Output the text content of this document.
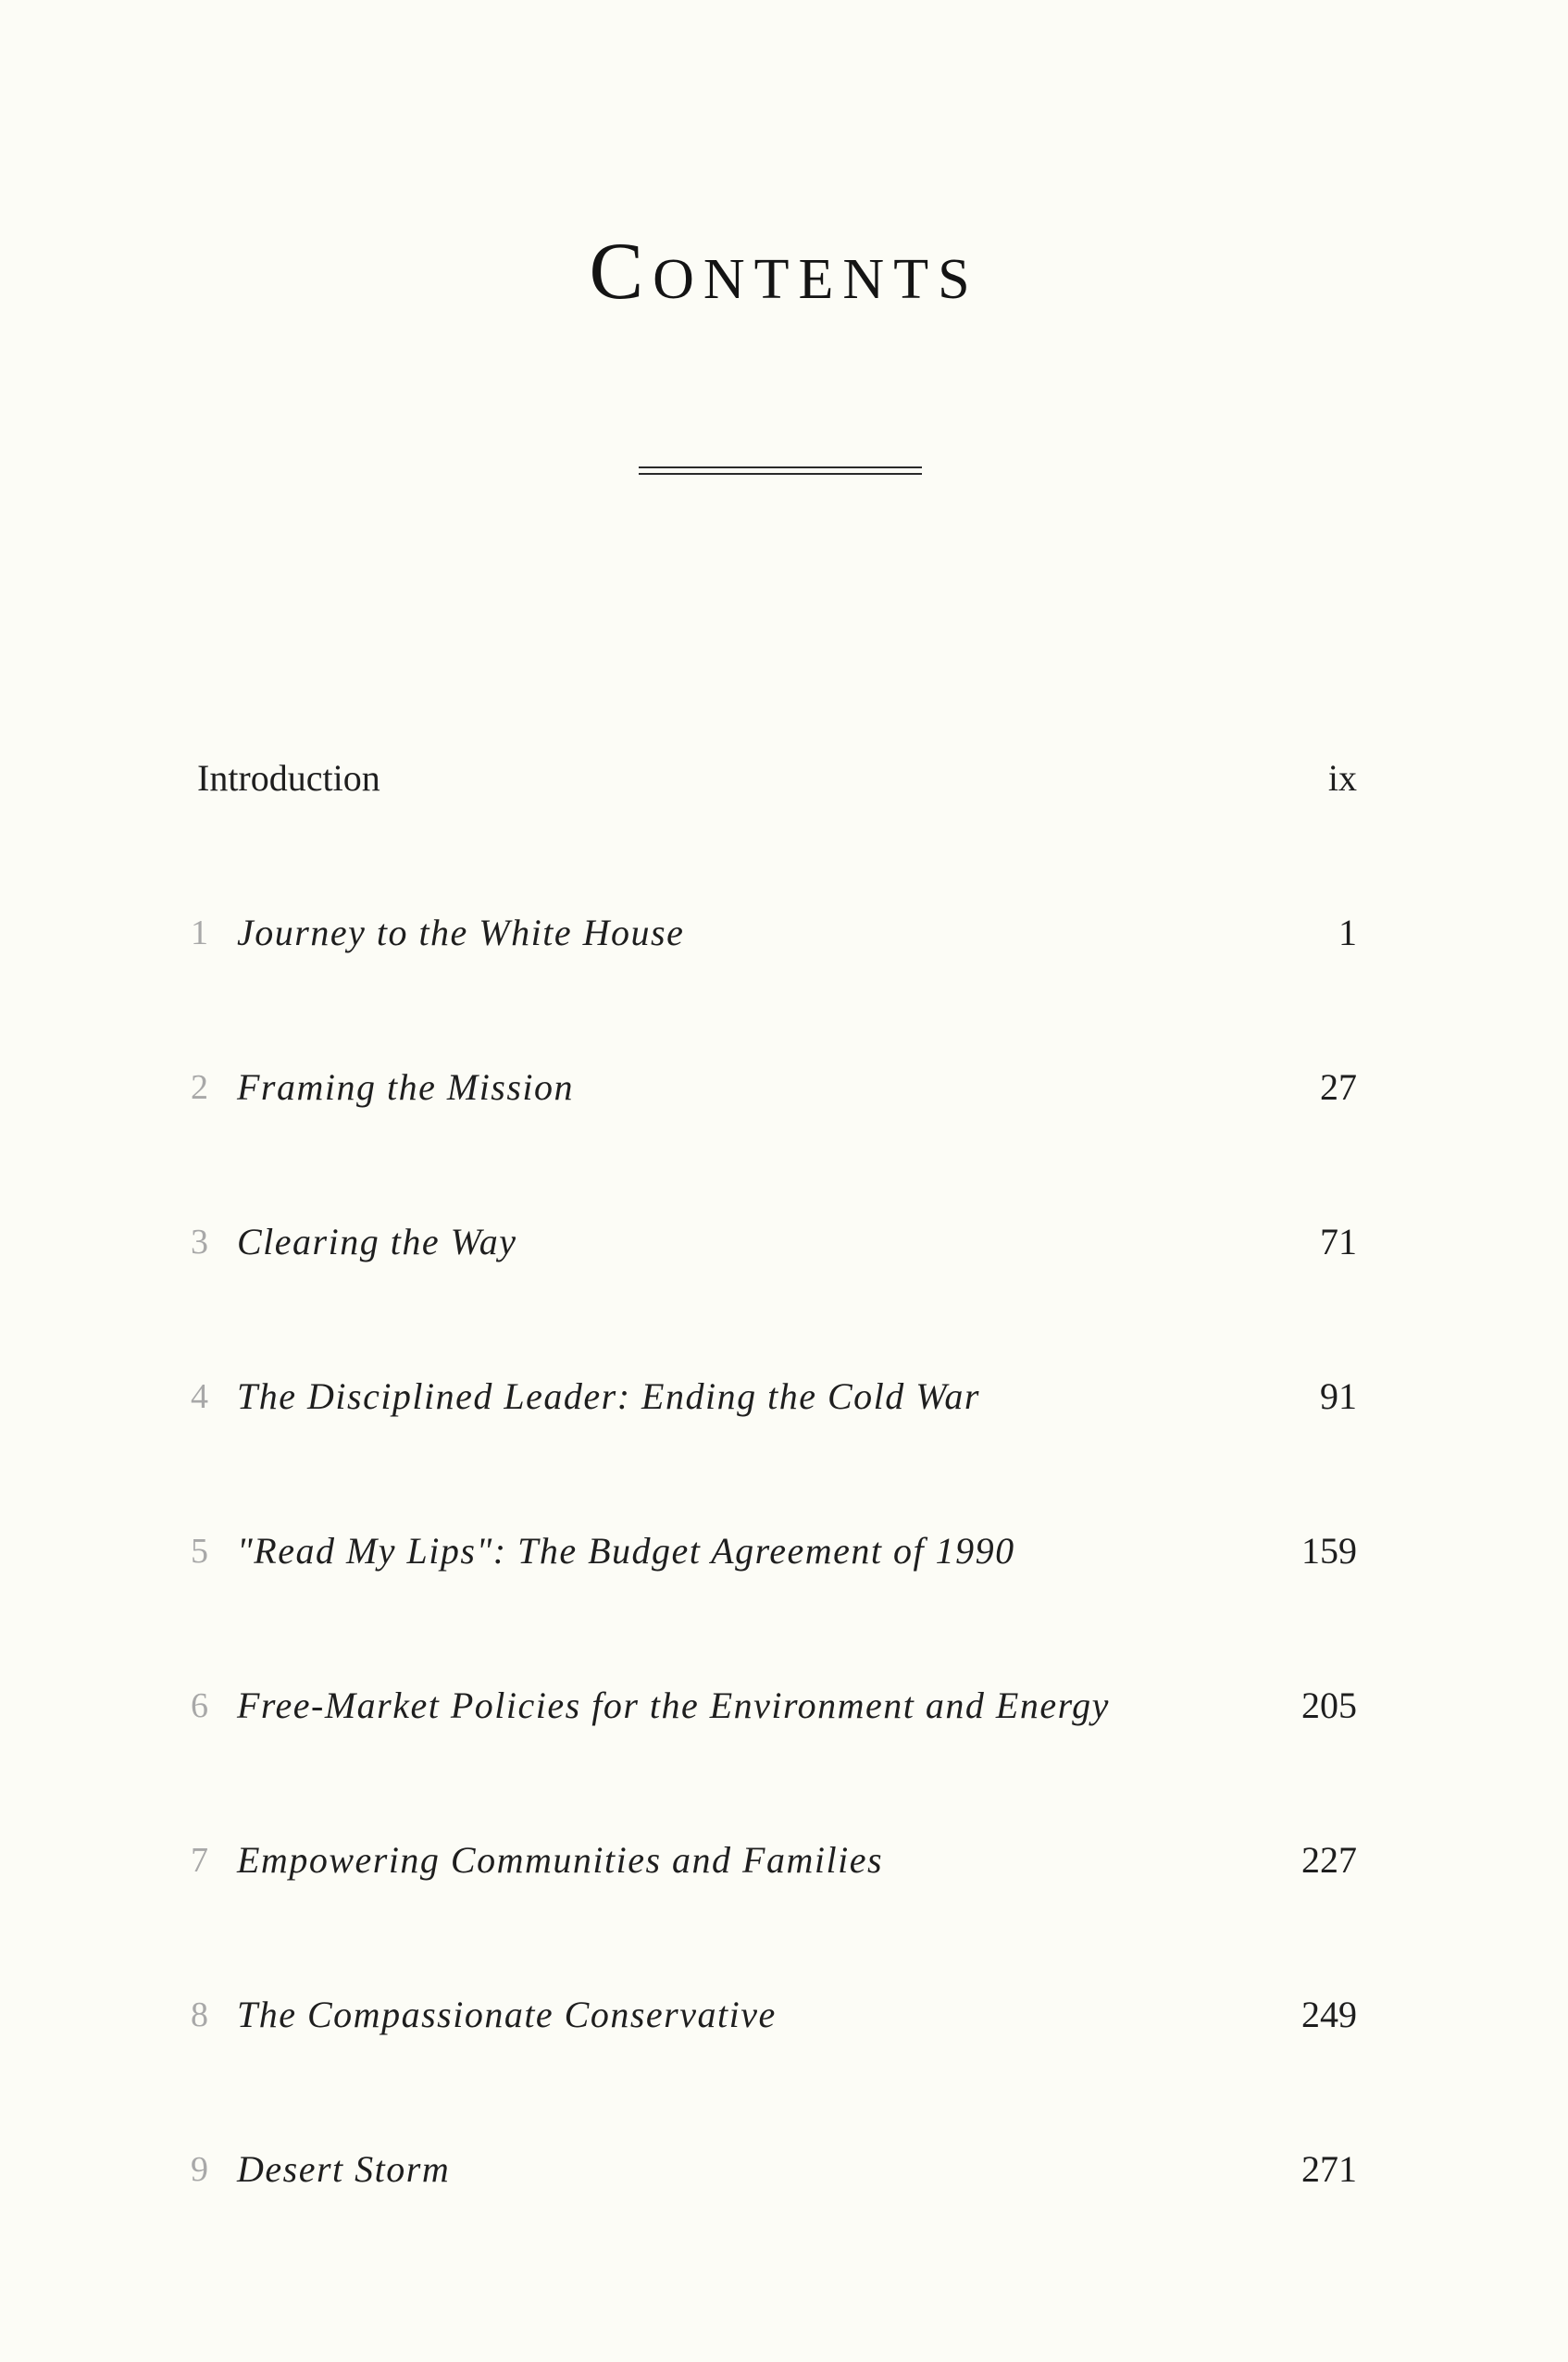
Contents
Introduction	ix
1 Journey to the White House	1
2 Framing the Mission	27
3 Clearing the Way	71
4 The Disciplined Leader: Ending the Cold War	91
5 "Read My Lips": The Budget Agreement of 1990	159
6 Free-Market Policies for the Environment and Energy	205
7 Empowering Communities and Families	227
8 The Compassionate Conservative	249
9 Desert Storm	271
